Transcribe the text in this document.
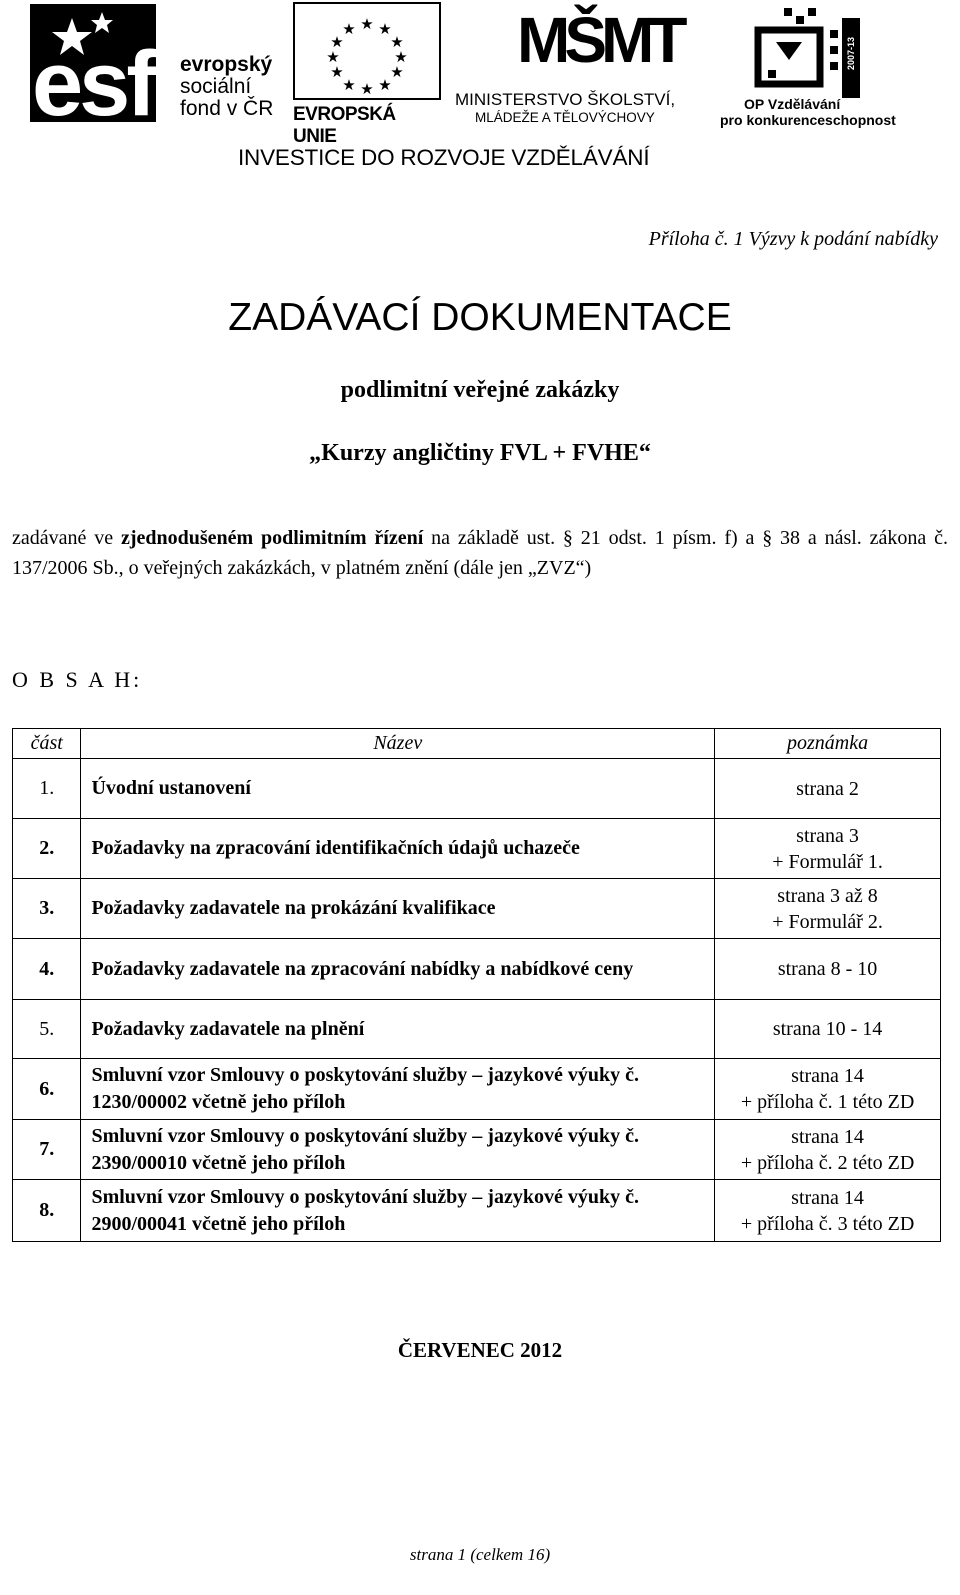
esf evropský
sociální
fond v ČR
★ ★
★
★
★
★
★
★
★
★
★
★
EVROPSKÁ UNIE
MŠMT
MINISTERSTVO ŠKOLSTVÍ,
MLÁDEŽE A TĚLOVÝCHOVY
2007-13
OP Vzdělávání
pro konkurenceschopnost
INVESTICE DO ROZVOJE VZDĚLÁVÁNÍ
Příloha č. 1 Výzvy k podání nabídky
ZADÁVACÍ DOKUMENTACE
podlimitní veřejné zakázky
„Kurzy angličtiny FVL + FVHE“
zadávané ve zjednodušeném podlimitním řízení na základě ust. § 21 odst. 1 písm. f) a § 38 a násl. zákona č. 137/2006 Sb., o veřejných zakázkách, v platném znění (dále jen „ZVZ“)
O B S A H:
část	Název	poznámka
1.	Úvodní ustanovení	strana 2
2.	Požadavky na zpracování identifikačních údajů uchazeče	strana 3
+ Formulář 1.
3.	Požadavky zadavatele na prokázání kvalifikace	strana 3 až 8
+ Formulář 2.
4.	Požadavky zadavatele na zpracování nabídky a nabídkové ceny	strana 8 - 10
5.	Požadavky zadavatele na plnění	strana 10 - 14
6.	Smluvní vzor Smlouvy o poskytování služby – jazykové výuky č. 1230/00002 včetně jeho příloh	strana 14
+ příloha č. 1 této ZD
7.	Smluvní vzor Smlouvy o poskytování služby – jazykové výuky č. 2390/00010 včetně jeho příloh	strana 14
+ příloha č. 2 této ZD
8.	Smluvní vzor Smlouvy o poskytování služby – jazykové výuky č. 2900/00041 včetně jeho příloh	strana 14
+ příloha č. 3 této ZD
ČERVENEC 2012
strana 1 (celkem 16)
